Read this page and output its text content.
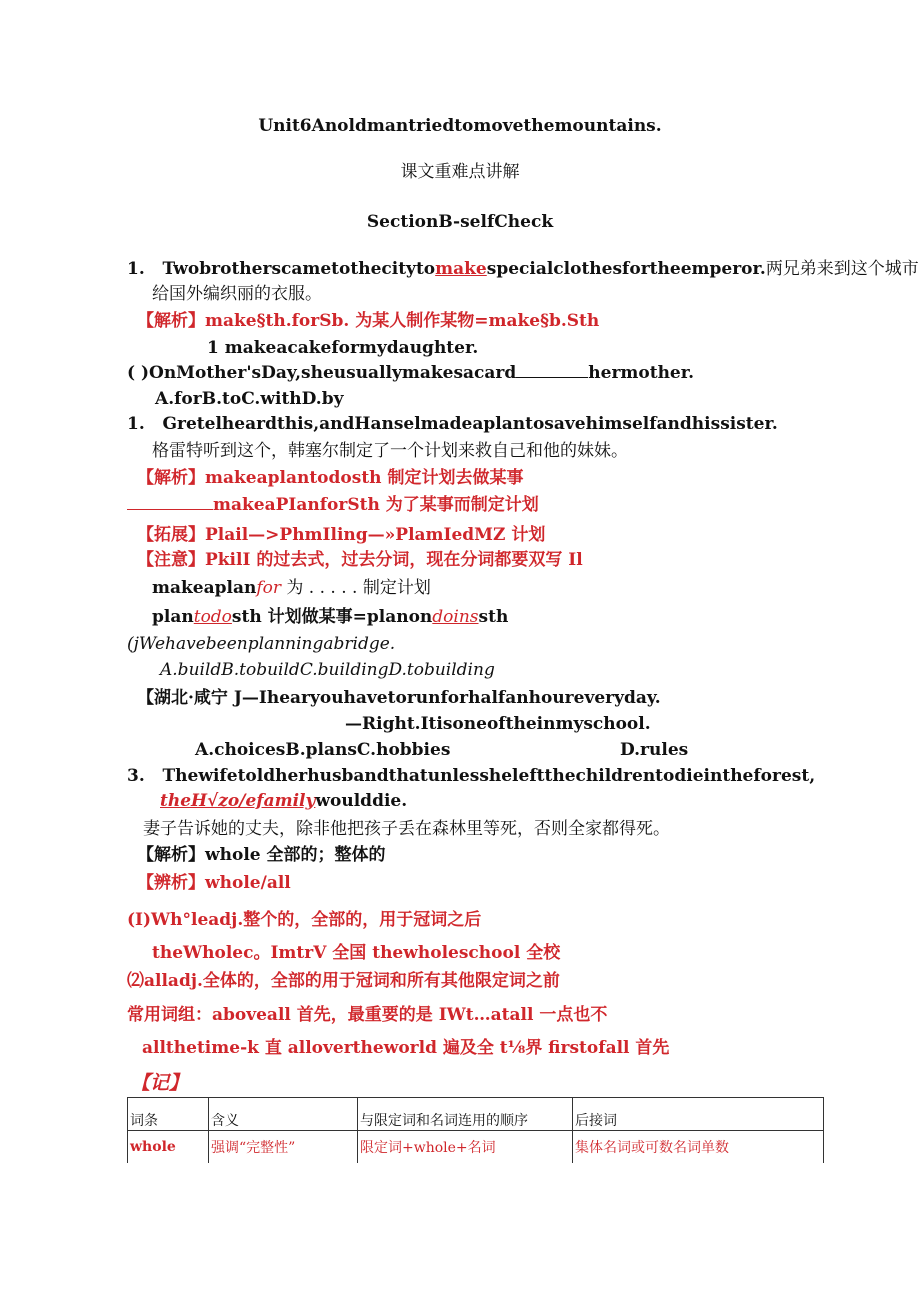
Unit6Anoldmantriedtomovethemountains.
课文重难点讲解
SectionB-selfCheck
1. Twobrotherscametothecitytomakespecialclothesfortheemperor.两兄弟来到这个城市
给国外编织丽的衣服。
【解析】make§th.forSb. 为某人制作某物=make§b.Sth
1 makeacakeformydaughter.
( )OnMother'sDay,sheusuallymakesacard	hermother.
A.forB.toC.withD.by
1. Gretelheardthis,andHanselmadeaplantosavehimselfandhissister.
格雷特听到这个，韩塞尔制定了一个计划来救自己和他的妹妹。
【解析】makeaplantodosth 制定计划去做某事
makeaPIanforSth 为了某事而制定计划
【拓展】Plail—>PhmIling—»PlamIedMZ 计划
【注意】PkilI 的过去式，过去分词，现在分词都要双写 Il
makeaplanfor 为 . . . . . 制定计划
plantodosth 计划做某事=planondoinssth
(jWehavebeenplanningabridge.
A.buildB.tobuildC.buildingD.tobuilding
【湖北·咸宁 J—Ihearyouhavetorunforhalfanhoureveryday.
—Right.Itisoneoftheinmyschool.
A.choicesB.plansC.hobbies	D.rules
3. Thewifetoldherhusbandthatunlessheleftthechildrentodieintheforest,
theH√zo/efamilywoulddie.
妻子告诉她的丈夫，除非他把孩子丢在森林里等死，否则全家都得死。
【解析】whole 全部的；整体的
【辨析】whole/all
(I)Wh°leadj.整个的，全部的，用于冠词之后
theWholec。ImtrV 全国 thewholeschool 全校
⑵alladj.全体的，全部的用于冠词和所有其他限定词之前
常用词组：aboveall 首先，最重要的是 IWt…atall 一点也不
allthetime-k 直 allovertheworld 遍及全 t⅛界 firstofall 首先
【记】
词条	含义	与限定词和名词连用的顺序	后接词
whole	强调“完整性”	限定词+whole+名词	集体名词或可数名词单数
